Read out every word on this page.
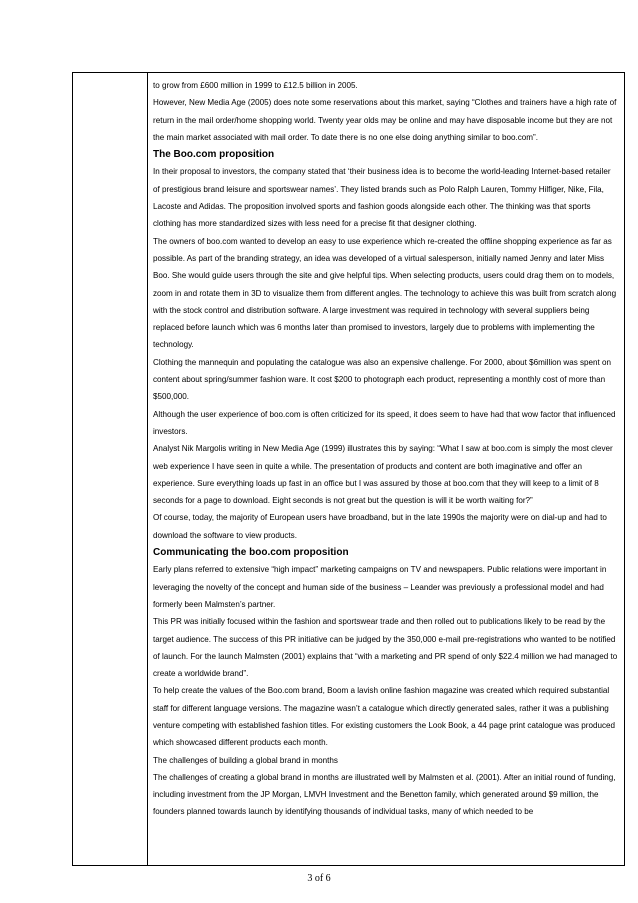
to grow from £600 million in 1999 to £12.5 billion in 2005.

However, New Media Age (2005) does note some reservations about this market, saying “Clothes and trainers have a high rate of return in the mail order/home shopping world. Twenty year olds may be online and may have disposable income but they are not the main market associated with mail order. To date there is no one else doing anything similar to boo.com”.

The Boo.com proposition

In their proposal to investors, the company stated that ‘their business idea is to become the world-leading Internet-based retailer of prestigious brand leisure and sportswear names’. They listed brands such as Polo Ralph Lauren, Tommy Hilfiger, Nike, Fila, Lacoste and Adidas. The proposition involved sports and fashion goods alongside each other. The thinking was that sports clothing has more standardized sizes with less need for a precise fit that designer clothing.

The owners of boo.com wanted to develop an easy to use experience which re-created the offline shopping experience as far as possible. As part of the branding strategy, an idea was developed of a virtual salesperson, initially named Jenny and later Miss Boo. She would guide users through the site and give helpful tips. When selecting products, users could drag them on to models, zoom in and rotate them in 3D to visualize them from different angles. The technology to achieve this was built from scratch along with the stock control and distribution software. A large investment was required in technology with several suppliers being replaced before launch which was 6 months later than promised to investors, largely due to problems with implementing the technology.

Clothing the mannequin and populating the catalogue was also an expensive challenge. For 2000, about $6million was spent on content about spring/summer fashion ware. It cost $200 to photograph each product, representing a monthly cost of more than $500,000.

Although the user experience of boo.com is often criticized for its speed, it does seem to have had that wow factor that influenced investors.

Analyst Nik Margolis writing in New Media Age (1999) illustrates this by saying: “What I saw at boo.com is simply the most clever web experience I have seen in quite a while. The presentation of products and content are both imaginative and offer an experience. Sure everything loads up fast in an office but I was assured by those at boo.com that they will keep to a limit of 8 seconds for a page to download. Eight seconds is not great but the question is will it be worth waiting for?”

Of course, today, the majority of European users have broadband, but in the late 1990s the majority were on dial-up and had to download the software to view products.

Communicating the boo.com proposition

Early plans referred to extensive “high impact” marketing campaigns on TV and newspapers. Public relations were important in leveraging the novelty of the concept and human side of the business – Leander was previously a professional model and had formerly been Malmsten’s partner.

This PR was initially focused within the fashion and sportswear trade and then rolled out to publications likely to be read by the target audience. The success of this PR initiative can be judged by the 350,000 e-mail pre-registrations who wanted to be notified of launch. For the launch Malmsten (2001) explains that “with a marketing and PR spend of only $22.4 million we had managed to create a worldwide brand”.

To help create the values of the Boo.com brand, Boom a lavish online fashion magazine was created which required substantial staff for different language versions. The magazine wasn’t a catalogue which directly generated sales, rather it was a publishing venture competing with established fashion titles. For existing customers the Look Book, a 44 page print catalogue was produced which showcased different products each month.

The challenges of building a global brand in months

The challenges of creating a global brand in months are illustrated well by Malmsten et al. (2001). After an initial round of funding, including investment from the JP Morgan, LMVH Investment and the Benetton family, which generated around $9 million, the founders planned towards launch by identifying thousands of individual tasks, many of which needed to be

3 of 6
